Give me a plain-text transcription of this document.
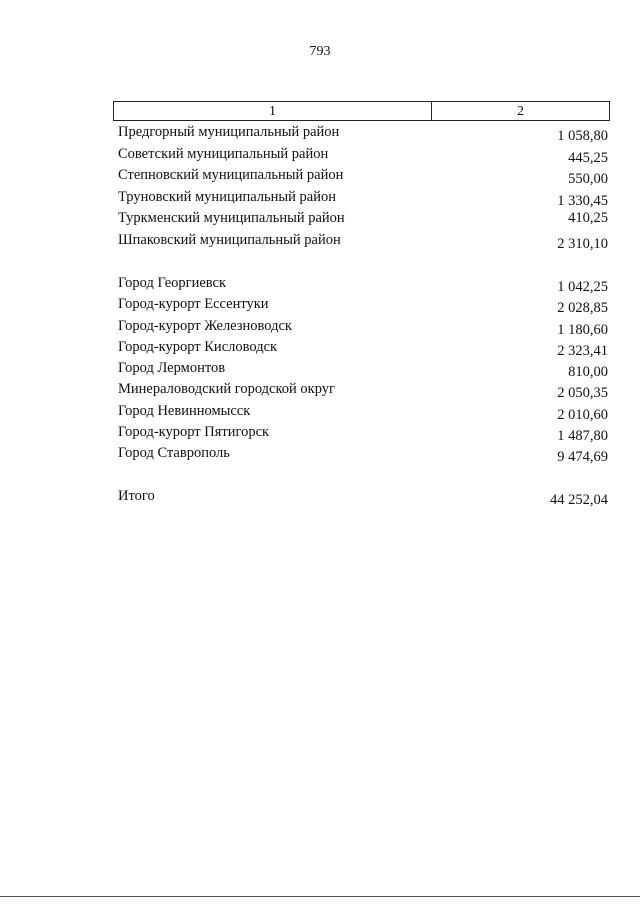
793
1	2
Предгорный муниципальный район	1 058,80
Советский муниципальный район	445,25
Степновский муниципальный район	550,00
Труновский муниципальный район	1 330,45
Туркменский муниципальный район	410,25
Шпаковский муниципальный район	2 310,10
Город Георгиевск	1 042,25
Город-курорт Ессентуки	2 028,85
Город-курорт Железноводск	1 180,60
Город-курорт Кисловодск	2 323,41
Город Лермонтов	810,00
Минераловодский городской округ	2 050,35
Город Невинномысск	2 010,60
Город-курорт Пятигорск	1 487,80
Город Ставрополь	9 474,69
Итого	44 252,04
